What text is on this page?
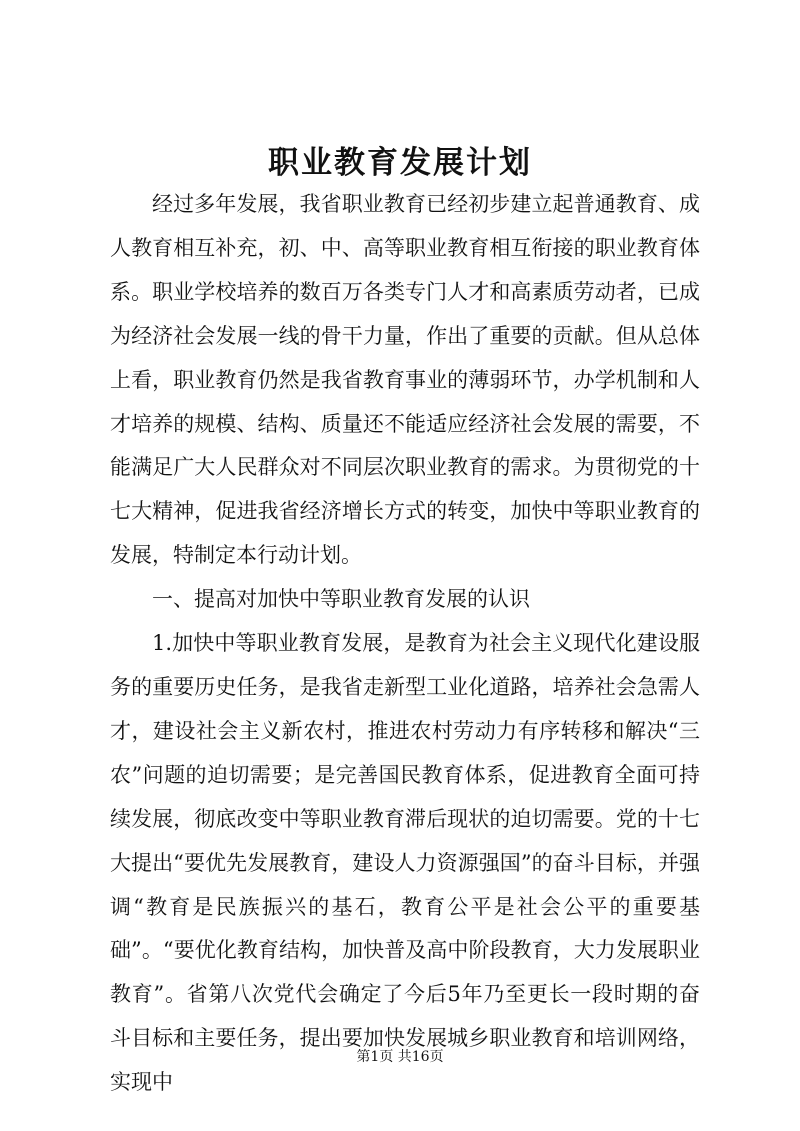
职业教育发展计划

经过多年发展，我省职业教育已经初步建立起普通教育、成人教育相互补充，初、中、高等职业教育相互衔接的职业教育体系。职业学校培养的数百万各类专门人才和高素质劳动者，已成为经济社会发展一线的骨干力量，作出了重要的贡献。但从总体上看，职业教育仍然是我省教育事业的薄弱环节，办学机制和人才培养的规模、结构、质量还不能适应经济社会发展的需要，不能满足广大人民群众对不同层次职业教育的需求。为贯彻党的十七大精神，促进我省经济增长方式的转变，加快中等职业教育的发展，特制定本行动计划。

一、提高对加快中等职业教育发展的认识

1.加快中等职业教育发展，是教育为社会主义现代化建设服务的重要历史任务，是我省走新型工业化道路，培养社会急需人才，建设社会主义新农村，推进农村劳动力有序转移和解决“三农”问题的迫切需要；是完善国民教育体系，促进教育全面可持续发展，彻底改变中等职业教育滞后现状的迫切需要。党的十七大提出“要优先发展教育，建设人力资源强国”的奋斗目标，并强调“教育是民族振兴的基石，教育公平是社会公平的重要基础”。“要优化教育结构，加快普及高中阶段教育，大力发展职业教育”。省第八次党代会确定了今后5年乃至更长一段时期的奋斗目标和主要任务，提出要加快发展城乡职业教育和培训网络，实现中

第1页 共16页
